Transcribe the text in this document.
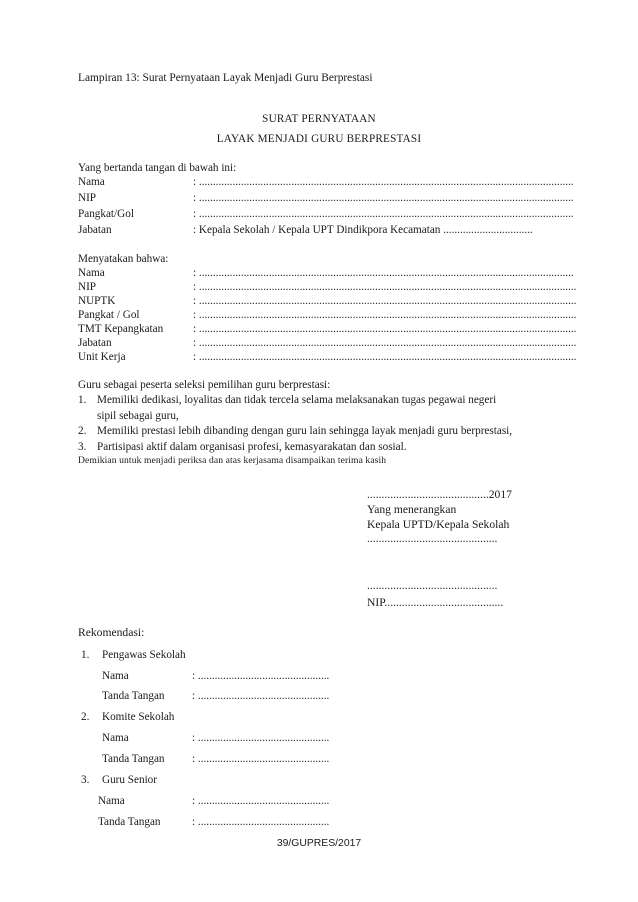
Lampiran 13: Surat Pernyataan Layak Menjadi Guru Berprestasi
SURAT PERNYATAAN
LAYAK MENJADI GURU BERPRESTASI
Yang bertanda tangan di bawah ini:
Nama	: ......................................................................................................................................
NIP	: ......................................................................................................................................
Pangkat/Gol	: ......................................................................................................................................
Jabatan	: Kepala Sekolah / Kepala UPT Dindikpora Kecamatan ................................
Menyatakan bahwa:
Nama	: ......................................................................................................................................
NIP	: .......................................................................................................................................
NUPTK	: .......................................................................................................................................
Pangkat / Gol	: .......................................................................................................................................
TMT Kepangkatan	: .......................................................................................................................................
Jabatan	: .......................................................................................................................................
Unit Kerja	: .......................................................................................................................................
Guru sebagai peserta seleksi pemilihan guru berprestasi:
1. Memiliki dedikasi, loyalitas dan tidak tercela selama melaksanakan tugas pegawai negeri
sipil sebagai guru,
2. Memiliki prestasi lebih dibanding dengan guru lain sehingga layak menjadi guru berprestasi,
3. Partisipasi aktif dalam organisasi profesi, kemasyarakatan dan sosial.
Demikian untuk menjadi periksa dan atas kerjasama disampaikan terima kasih
..........................................2017
Yang menerangkan
Kepala UPTD/Kepala Sekolah
.............................................
.............................................
NIP.........................................
Rekomendasi:
1. Pengawas Sekolah
Nama	: ...............................................
Tanda Tangan : ...............................................
2. Komite Sekolah
Nama	: ...............................................
Tanda Tangan : ...............................................
3. Guru Senior
Nama	: ...............................................
Tanda Tangan	: ...............................................
39/GUPRES/2017
